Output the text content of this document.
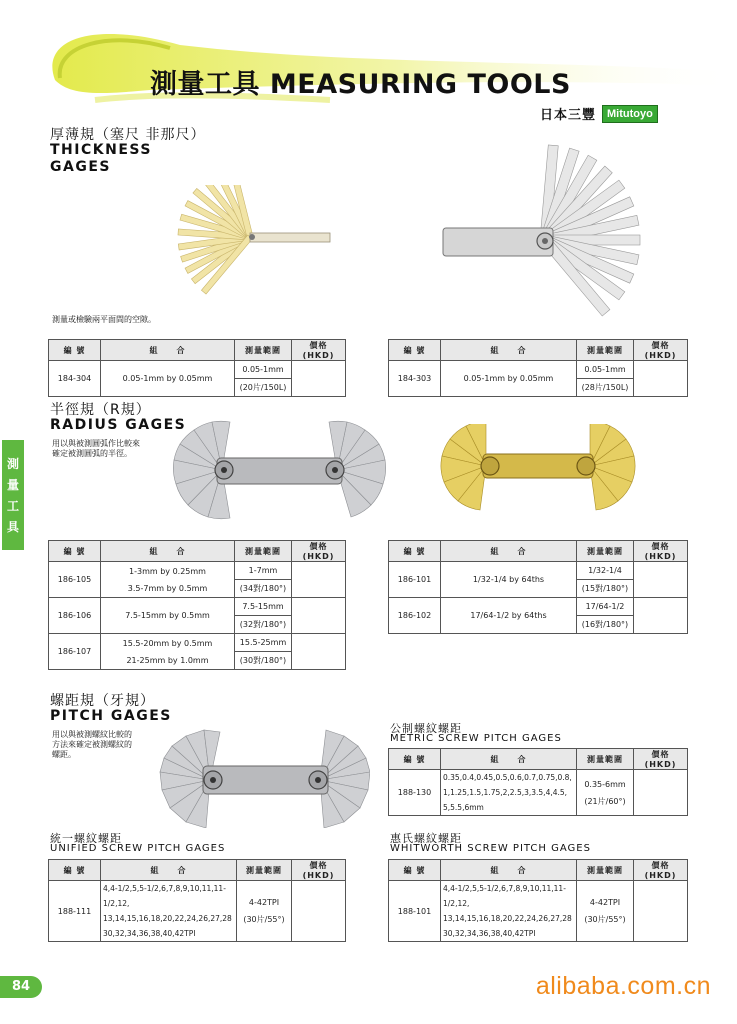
測量工具 MEASURING TOOLS
日本三豐	Mitutoyo
測
量
工
具
厚薄規（塞尺 非那尺）
THICKNESS
GAGES
測量或檢驗兩平面間的空隙。
編 號	組　　合	測量範圍	價格(HKD)
184-304	0.05-1mm by 0.05mm	0.05-1mm
(20片/150L)	

編 號	組　　合	測量範圍	價格(HKD)
184-303	0.05-1mm by 0.05mm	0.05-1mm
(28片/150L)	

半徑規（R規）
RADIUS GAGES
用以與被測圓弧作比較來
確定被測圓弧的半徑。
編 號	組　　合	測量範圍	價格(HKD)
186-105	1-3mm by 0.25mm
3.5-7mm by 0.5mm	1-7mm
(34對/180°)	

186-106	7.5-15mm by 0.5mm	7.5-15mm
(32對/180°)	

186-107	15.5-20mm by 0.5mm
21-25mm by 1.0mm	15.5-25mm
(30對/180°)	

編 號	組　　合	測量範圍	價格(HKD)
186-101	1/32-1/4 by 64ths	1/32-1/4
(15對/180°)	

186-102	17/64-1/2 by 64ths	17/64-1/2
(16對/180°)	

螺距規（牙規）
PITCH GAGES
用以與被測螺紋比較的
方法來確定被測螺紋的
螺距。
公制螺紋螺距
METRIC SCREW PITCH GAGES
編 號	組　　合	測量範圍	價格(HKD)
188-130	0.35,0.4,0.45,0.5,0.6,0.7,0.75,0.8,
1,1.25,1.5,1.75,2,2.5,3,3.5,4,4.5,
5,5.5,6mm	0.35-6mm
(21片/60°)	

統一螺紋螺距
UNIFIED SCREW PITCH GAGES
編 號	組　　合	測量範圍	價格(HKD)
188-111	4,4-1/2,5,5-1/2,6,7,8,9,10,11,11-1/2,12,
13,14,15,16,18,20,22,24,26,27,28
30,32,34,36,38,40,42TPI	4-42TPI
(30片/55°)	

惠氏螺紋螺距
WHITWORTH SCREW PITCH GAGES
編 號	組　　合	測量範圍	價格(HKD)
188-101	4,4-1/2,5,5-1/2,6,7,8,9,10,11,11-1/2,12,
13,14,15,16,18,20,22,24,26,27,28
30,32,34,36,38,40,42TPI	4-42TPI
(30片/55°)	

84	alibaba.com.cn
